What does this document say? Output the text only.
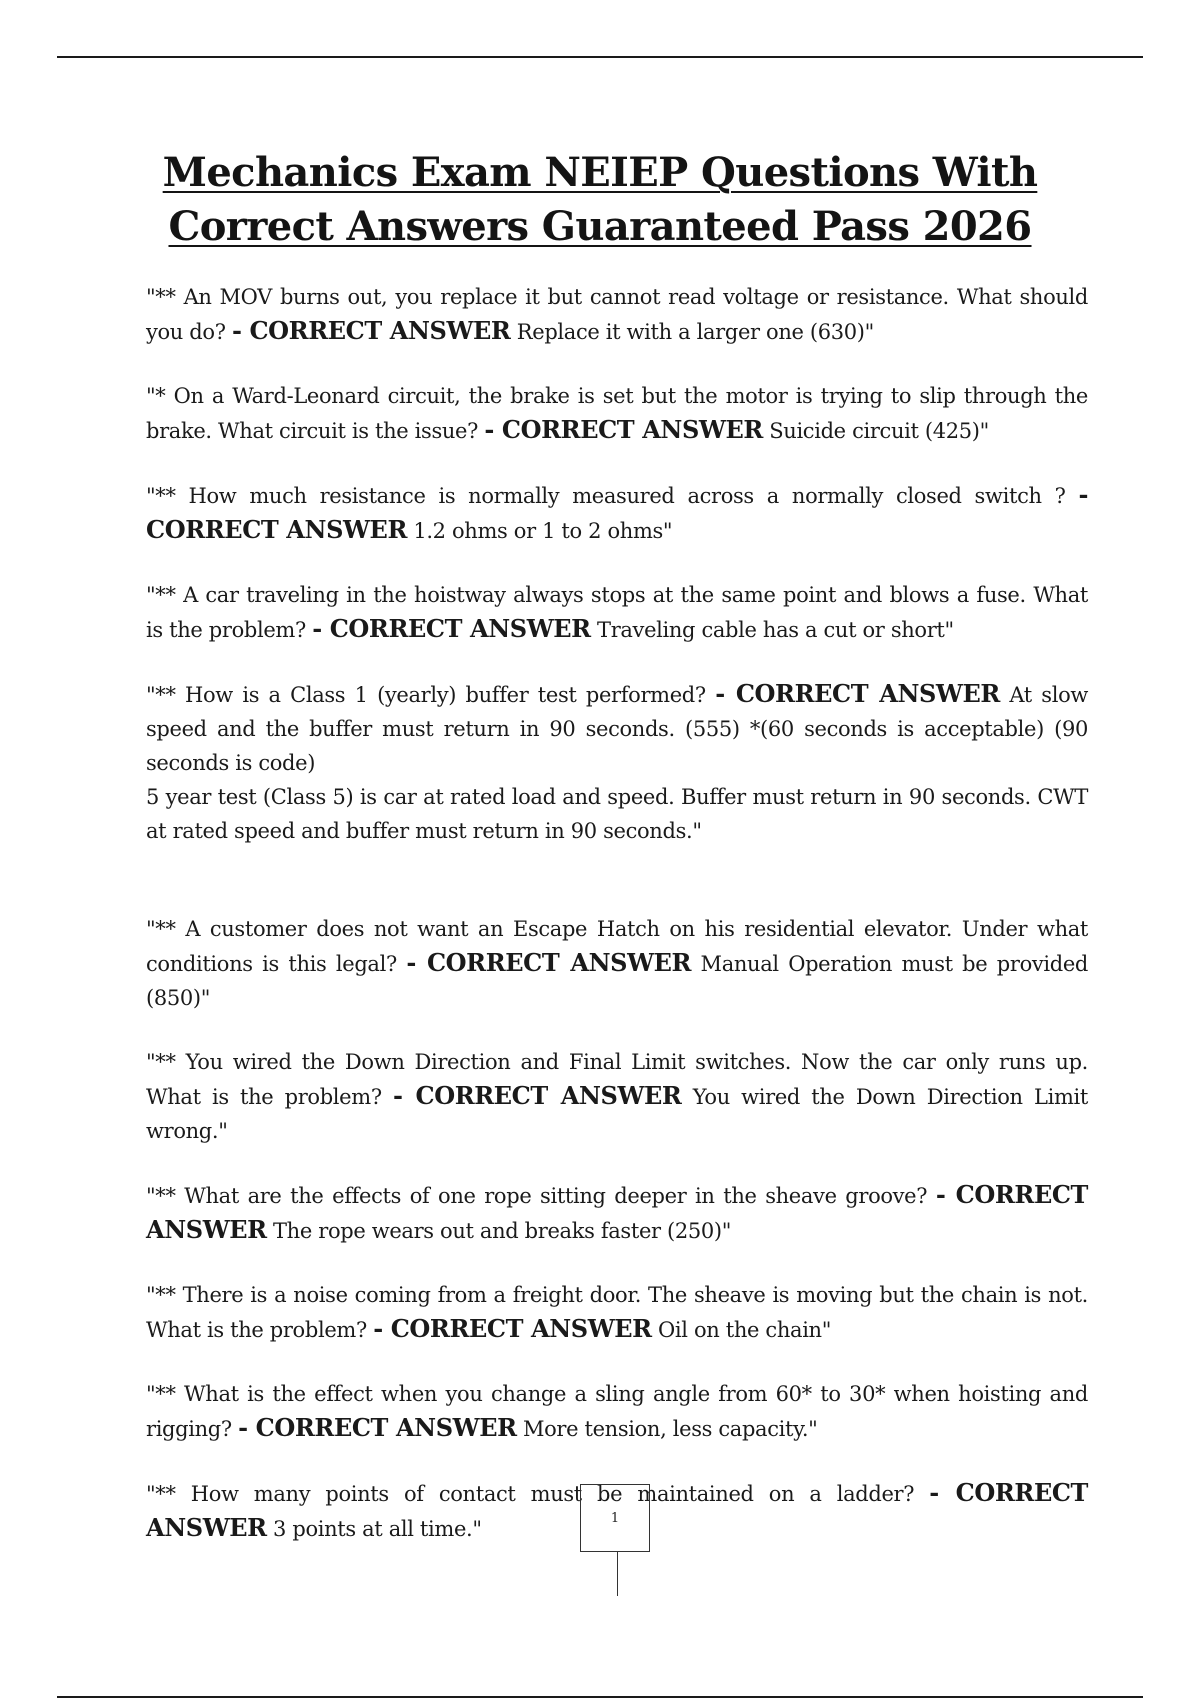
Mechanics Exam NEIEP Questions With Correct Answers Guaranteed Pass 2026

"** An MOV burns out, you replace it but cannot read voltage or resistance. What should you do? - CORRECT ANSWER Replace it with a larger one (630)"

"* On a Ward-Leonard circuit, the brake is set but the motor is trying to slip through the brake. What circuit is the issue? - CORRECT ANSWER Suicide circuit (425)"

"** How much resistance is normally measured across a normally closed switch ? - CORRECT ANSWER 1.2 ohms or 1 to 2 ohms"

"** A car traveling in the hoistway always stops at the same point and blows a fuse. What is the problem? - CORRECT ANSWER Traveling cable has a cut or short"

"** How is a Class 1 (yearly) buffer test performed? - CORRECT ANSWER At slow speed and the buffer must return in 90 seconds. (555) *(60 seconds is acceptable) (90 seconds is code)
5 year test (Class 5) is car at rated load and speed. Buffer must return in 90 seconds. CWT at rated speed and buffer must return in 90 seconds."

"** A customer does not want an Escape Hatch on his residential elevator. Under what conditions is this legal? - CORRECT ANSWER Manual Operation must be provided (850)"

"** You wired the Down Direction and Final Limit switches. Now the car only runs up. What is the problem? - CORRECT ANSWER You wired the Down Direction Limit wrong."

"** What are the effects of one rope sitting deeper in the sheave groove? - CORRECT ANSWER The rope wears out and breaks faster (250)"

"** There is a noise coming from a freight door. The sheave is moving but the chain is not. What is the problem? - CORRECT ANSWER Oil on the chain"

"** What is the effect when you change a sling angle from 60* to 30* when hoisting and rigging? - CORRECT ANSWER More tension, less capacity."

"** How many points of contact must be maintained on a ladder? - CORRECT ANSWER 3 points at all time."	1
